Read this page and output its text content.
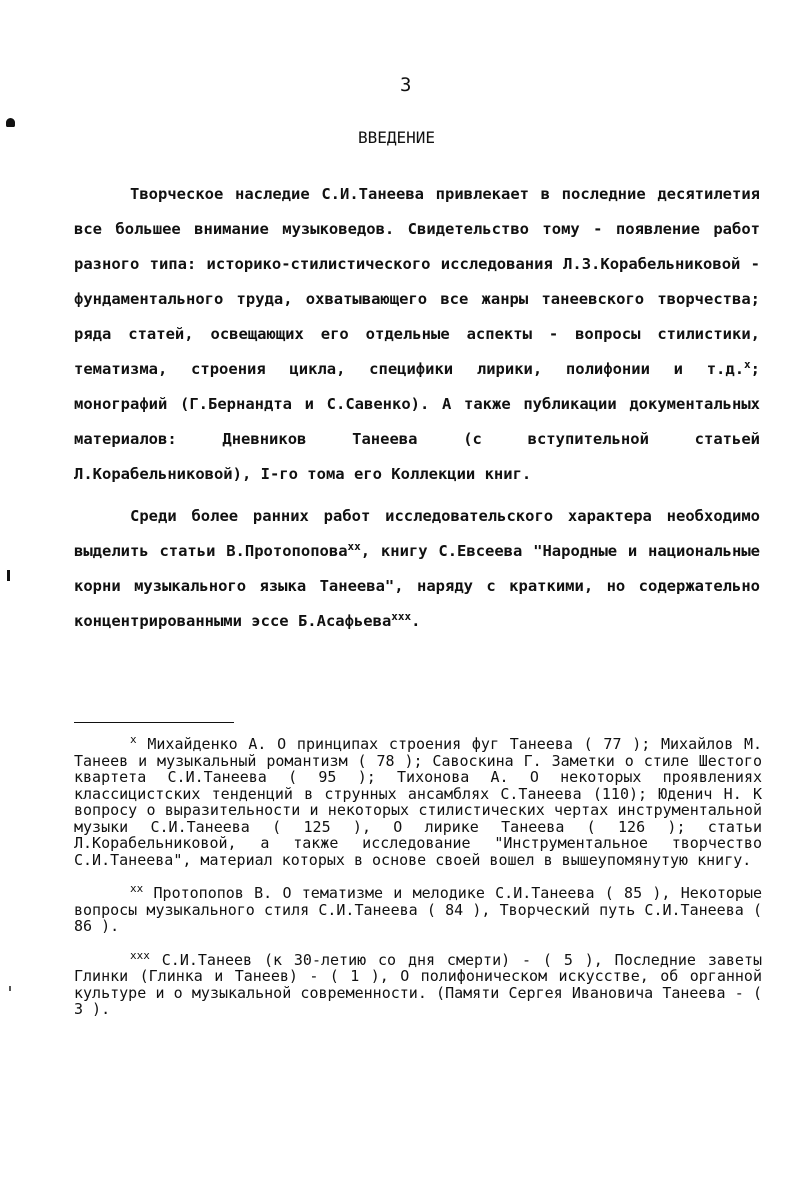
3

ВВЕДЕНИЕ

Творческое наследие С.И.Танеева привлекает в последние десятилетия все большее внимание музыковедов. Свидетельство тому - появление работ разного типа: историко-стилистического исследования Л.З.Корабельниковой - фундаментального труда, охватывающего все жанры танеевского творчества; ряда статей, освещающих его отдельные аспекты - вопросы стилистики, тематизма, строения цикла, специфики лирики, полифонии и т.д.$^x$; монографий (Г.Бернандта и С.Савенко). А также публикации документальных материалов: Дневников Танеева (с вступительной статьей Л.Корабельниковой), I-го тома его Коллекции книг.

Среди более ранних работ исследовательского характера необходимо выделить статьи В.Протопопова$^{xx}$, книгу С.Евсеева "Народные и национальные корни музыкального языка Танеева", наряду с краткими, но содержательно концентрированными эссе Б.Асафьева$^{xxx}$.

$^x$ Михайденко А. О принципах строения фуг Танеева ( 77 ); Михайлов М. Танеев и музыкальный романтизм ( 78 ); Савоскина Г. Заметки о стиле Шестого квартета С.И.Танеева ( 95 ); Тихонова А. О некоторых проявлениях классицистских тенденций в струнных ансамблях С.Танеева (110); Юденич Н. К вопросу о выразительности и некоторых стилистических чертах инструментальной музыки С.И.Танеева ( 125 ), О лирике Танеева ( 126 ); статьи Л.Корабельниковой, а также исследование "Инструментальное творчество С.И.Танеева", материал которых в основе своей вошел в вышеупомянутую книгу.

$^{xx}$ Протопопов В. О тематизме и мелодике С.И.Танеева ( 85 ), Некоторые вопросы музыкального стиля С.И.Танеева ( 84 ), Творческий путь С.И.Танеева ( 86 ).

$^{xxx}$ С.И.Танеев (к 30-летию со дня смерти) - ( 5 ), Последние заветы Глинки (Глинка и Танеев) - ( 1 ), О полифоническом искусстве, об органной культуре и о музыкальной современности. (Памяти Сергея Ивановича Танеева - ( 3 ).
